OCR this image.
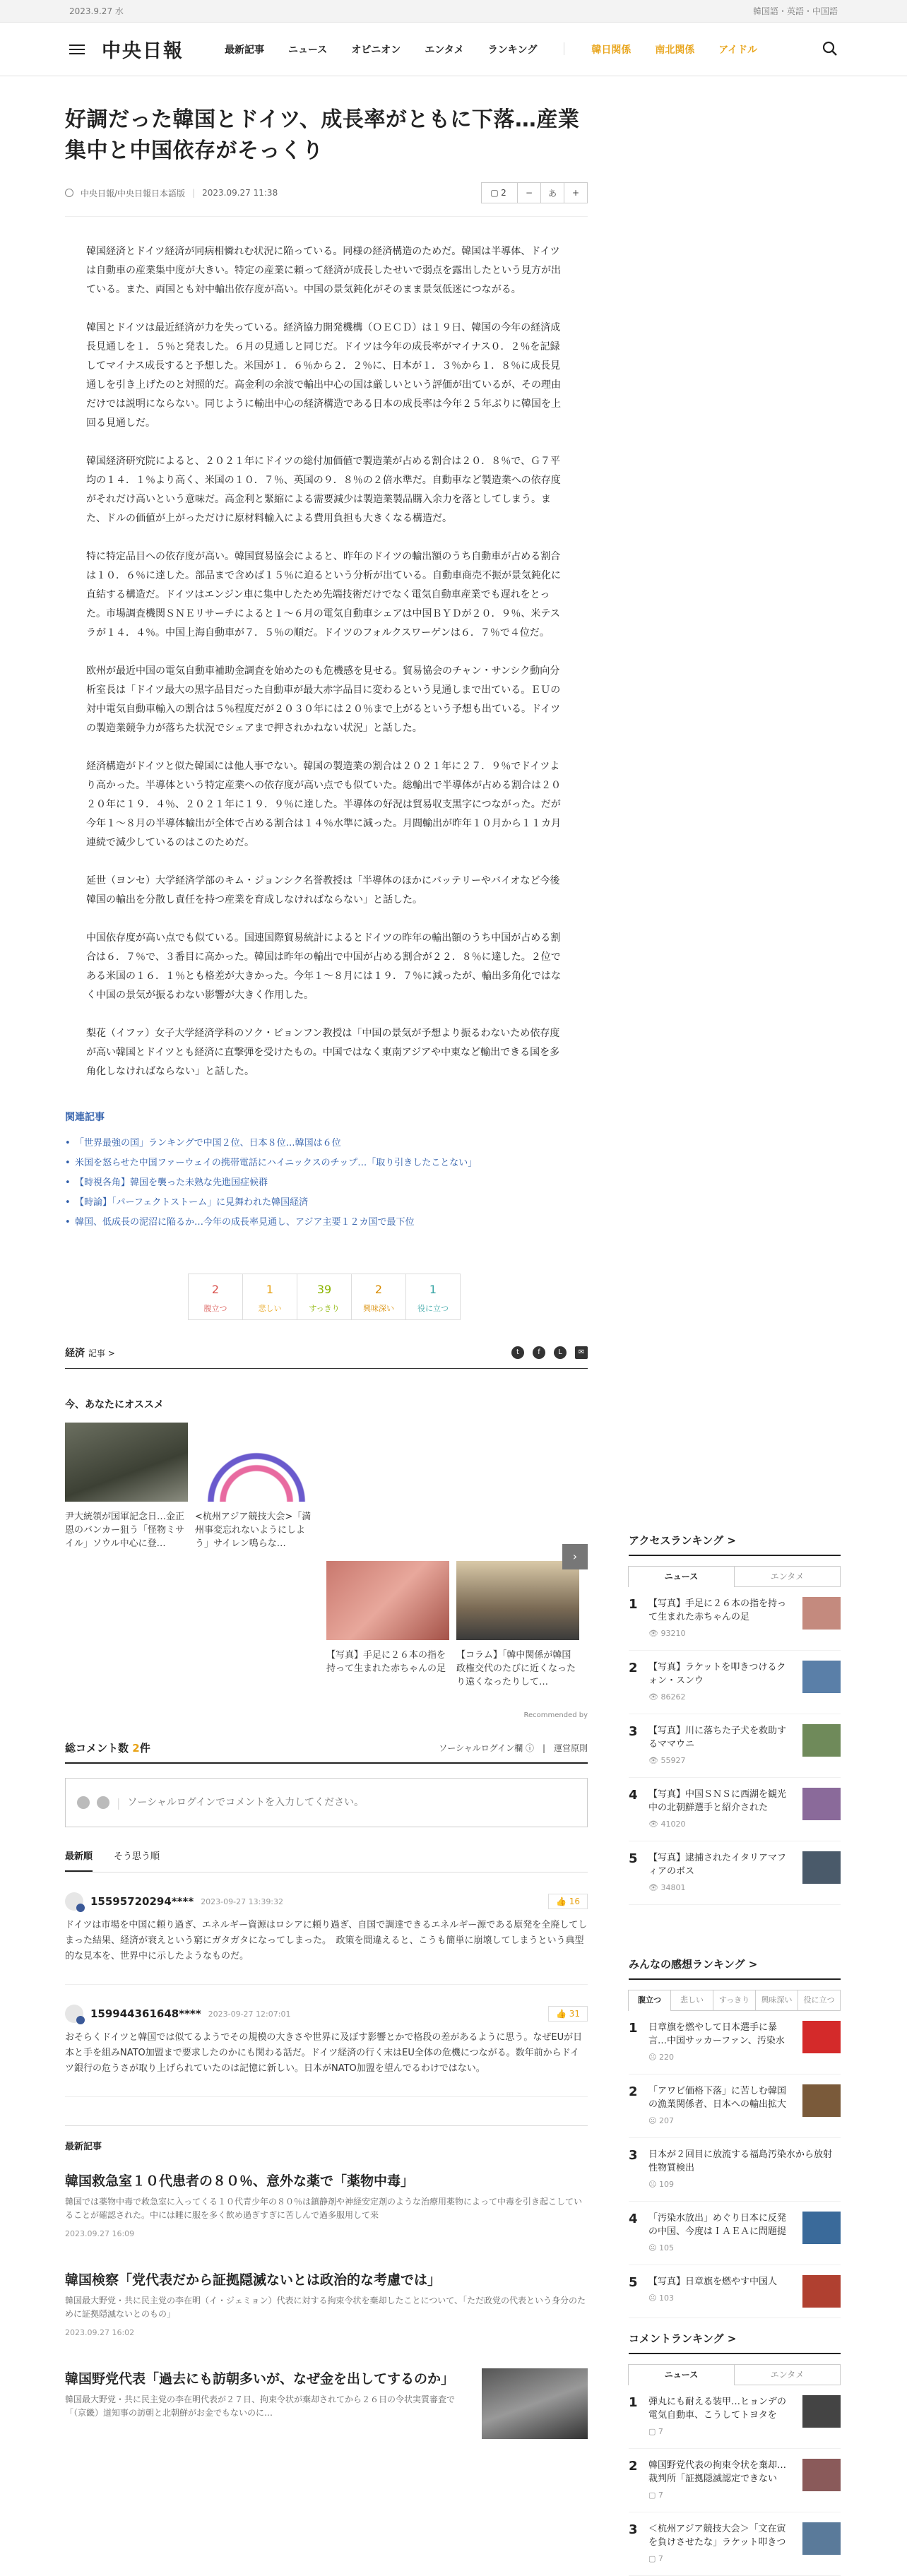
2023.9.27 水	韓国語・英語・中国語
中央日報	最新記事 ニュース オピニオン エンタメ ランキング	韓日関係 南北関係 アイドル
好調だった韓国とドイツ、成長率がともに下落…産業集中と中国依存がそっくり
中央日報/中央日報日本語版 | 2023.09.27 11:38	▢ 2	−	あ	+

韓国経済とドイツ経済が同病相憐れむ状況に陥っている。同様の経済構造のためだ。韓国は半導体、ドイツは自動車の産業集中度が大きい。特定の産業に頼って経済が成長したせいで弱点を露出したという見方が出ている。また、両国とも対中輸出依存度が高い。中国の景気鈍化がそのまま景気低迷につながる。

韓国とドイツは最近経済が力を失っている。経済協力開発機構（ＯＥＣＤ）は１９日、韓国の今年の経済成長見通しを１．５％と発表した。６月の見通しと同じだ。ドイツは今年の成長率がマイナス０．２％を記録してマイナス成長すると予想した。米国が１．６％から２．２％に、日本が１．３％から１．８％に成長見通しを引き上げたのと対照的だ。高金利の余波で輸出中心の国は厳しいという評価が出ているが、その理由だけでは説明にならない。同じように輸出中心の経済構造である日本の成長率は今年２５年ぶりに韓国を上回る見通しだ。

韓国経済研究院によると、２０２１年にドイツの総付加価値で製造業が占める割合は２０．８％で、Ｇ７平均の１４．１％より高く、米国の１０．７％、英国の９．８％の２倍水準だ。自動車など製造業への依存度がそれだけ高いという意味だ。高金利と緊縮による需要減少は製造業製品購入余力を落としてしまう。また、ドルの価値が上がっただけに原材料輸入による費用負担も大きくなる構造だ。

特に特定品目への依存度が高い。韓国貿易協会によると、昨年のドイツの輸出額のうち自動車が占める割合は１０．６％に達した。部品まで含めば１５％に迫るという分析が出ている。自動車商売不振が景気鈍化に直結する構造だ。ドイツはエンジン車に集中したため先端技術だけでなく電気自動車産業でも遅れをとった。市場調査機関ＳＮＥリサーチによると１～６月の電気自動車シェアは中国ＢＹＤが２０．９％、米テスラが１４．４％。中国上海自動車が７．５％の順だ。ドイツのフォルクスワーゲンは６．７％で４位だ。

欧州が最近中国の電気自動車補助金調査を始めたのも危機感を見せる。貿易協会のチャン・サンシク動向分析室長は「ドイツ最大の黒字品目だった自動車が最大赤字品目に変わるという見通しまで出ている。ＥＵの対中電気自動車輸入の割合は５％程度だが２０３０年には２０％まで上がるという予想も出ている。ドイツの製造業競争力が落ちた状況でシェアまで押されかねない状況」と話した。

経済構造がドイツと似た韓国には他人事でない。韓国の製造業の割合は２０２１年に２７．９％でドイツより高かった。半導体という特定産業への依存度が高い点でも似ていた。総輸出で半導体が占める割合は２０２０年に１９．４％、２０２１年に１９．９％に達した。半導体の好況は貿易収支黒字につながった。だが今年１～８月の半導体輸出が全体で占める割合は１４％水準に減った。月間輸出が昨年１０月から１１カ月連続で減少しているのはこのためだ。

延世（ヨンセ）大学経済学部のキム・ジョンシク名誉教授は「半導体のほかにバッテリーやバイオなど今後韓国の輸出を分散し責任を持つ産業を育成しなければならない」と話した。

中国依存度が高い点でも似ている。国連国際貿易統計によるとドイツの昨年の輸出額のうち中国が占める割合は６．７％で、３番目に高かった。韓国は昨年の輸出で中国が占める割合が２２．８％に達した。２位である米国の１６．１％とも格差が大きかった。今年１～８月には１９．７％に減ったが、輸出多角化ではなく中国の景気が振るわない影響が大きく作用した。

梨花（イファ）女子大学経済学科のソク・ビョンフン教授は「中国の景気が予想より振るわないため依存度が高い韓国とドイツとも経済に直撃弾を受けたもの。中国ではなく東南アジアや中東など輸出できる国を多角化しなければならない」と話した。

関連記事
• 「世界最強の国」ランキングで中国２位、日本８位…韓国は６位
• 米国を怒らせた中国ファーウェイの携帯電話にハイニックスのチップ…「取り引きしたことない」
• 【時視各角】韓国を襲った未熟な先進国症候群
• 【時論】「パーフェクトストーム」に見舞われた韓国経済
• 韓国、低成長の泥沼に陥るか…今年の成長率見通し、アジア主要１２カ国で最下位
2
腹立つ
1
悲しい
39
すっきり
2
興味深い
1
役に立つ
経済 記事 >	t	f	L	✉
今、あなたにオススメ
尹大統領が国軍記念日…金正恩のバンカー狙う「怪物ミサイル」ソウル中心に登…
<杭州アジア競技大会>「満州事変忘れないようにしよう」サイレン鳴らな…
【写真】手足に２６本の指を持って生まれた赤ちゃんの足
【コラム】「韓中関係が韓国政権交代のたびに近くなったり遠くなったりして…
›
Recommended by
総コメント数 2件	ソーシャルログイン欄 ⓘ　|　運営原則
|
ソーシャルログインでコメントを入力してください。
最新順 そう思う順
15595720294**** 2023-09-27 13:39:32	👍 16
ドイツは市場を中国に頼り過ぎ、エネルギー資源はロシアに頼り過ぎ、自国で調達できるエネルギー源である原発を全廃してしまった結果、経済が衰えという窮にガタガタになってしまった。　政策を間違えると、こうも簡単に崩壊してしまうという典型的な見本を、世界中に示したようなものだ。
159944361648**** 2023-09-27 12:07:01	👍 31
おそらくドイツと韓国では似てるようでその規模の大きさや世界に及ぼす影響とかで格段の差があるように思う。なぜEUが日本と手を組みNATO加盟まで要求したのかにも関わる話だ。ドイツ経済の行く末はEU全体の危機につながる。数年前からドイツ銀行の危うさが取り上げられていたのは記憶に新しい。日本がNATO加盟を望んでるわけではない。
最新記事
韓国救急室１０代患者の８０％、意外な薬で「薬物中毒」
韓国では薬物中毒で救急室に入ってくる１０代青少年の８０％は鎮静剤や神経安定剤のような治療用薬物によって中毒を引き起こしていることが確認された。中には睡に服を多く飲め過ぎすぎに苦しんで過多服用して来
2023.09.27 16:09
韓国検察「党代表だから証拠隠滅ないとは政治的な考慮では」
韓国最大野党・共に民主党の李在明（イ・ジェミョン）代表に対する拘束令状を棄却したことについて、「ただ政党の代表という身分のために証拠隠滅ないとのもの」
2023.09.27 16:02
韓国野党代表「過去にも訪朝多いが、なぜ金を出してするのか」
韓国最大野党・共に民主党の李在明代表が２７日、拘束令状が棄却されてから２６日の令状実質審査で「（京畿）道知事の訪朝と北朝鮮がお金でもないのに…
アクセスランキング >
ニュース	エンタメ
1 【写真】手足に２６本の指を持って生まれた赤ちゃんの足
👁 93210
2 【写真】ラケットを叩きつけるクォン・スンウ
👁 86262
3 【写真】川に落ちた子犬を救助するママウニ
👁 55927
4 【写真】中国ＳＮＳに西湖を観光中の北朝鮮選手と紹介された
👁 41020
5 【写真】逮捕されたイタリアマフィアのボス
👁 34801
みんなの感想ランキング >
腹立つ	悲しい	すっきり	興味深い	役に立つ
1 日章旗を燃やして日本選手に暴言…中国サッカーファン、汚染水
☹ 220
2 「アワビ価格下落」に苦しむ韓国の漁業関係者、日本への輸出拡大
☹ 207
3 日本が２回目に放流する福島汚染水から放射性物質検出
☹ 109
4 「汚染水放出」めぐり日本に反発の中国、今度はＩＡＥＡに問題提
☹ 105
5 【写真】日章旗を燃やす中国人
☹ 103
コメントランキング >
ニュース	エンタメ
1 弾丸にも耐える装甲…ヒョンデの電気自動車、こうしてトヨタを
▢ 7
2 韓国野党代表の拘束令状を棄却…裁判所「証拠隠滅認定できない
▢ 7
3 ＜杭州アジア競技大会＞「文在寅を負けさせたな」ラケット叩きつ
▢ 7
